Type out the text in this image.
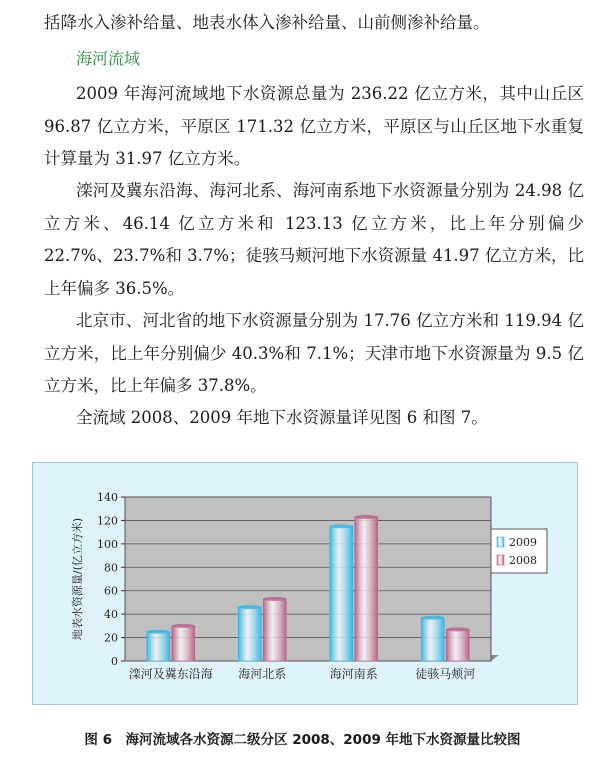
括降水入渗补给量、地表水体入渗补给量、山前侧渗补给量。

海河流域

2009 年海河流域地下水资源总量为 236.22 亿立方米，其中山丘区 96.87 亿立方米，平原区 171.32 亿立方米，平原区与山丘区地下水重复计算量为 31.97 亿立方米。

滦河及冀东沿海、海河北系、海河南系地下水资源量分别为 24.98 亿立方米、46.14 亿立方米和 123.13 亿立方米，比上年分别偏少 22.7%、23.7%和 3.7%；徒骇马颊河地下水资源量 41.97 亿立方米，比上年偏多 36.5%。

北京市、河北省的地下水资源量分别为 17.76 亿立方米和 119.94 亿立方米，比上年分别偏少 40.3%和 7.1%；天津市地下水资源量为 9.5 亿立方米，比上年偏多 37.8%。

全流域 2008、2009 年地下水资源量详见图 6 和图 7。

0
20
40
60
80
100
120
140
地表水资源量/(亿立方米)
滦河及冀东沿海 海河北系	海河南系	徒骇马颊河
2009
2008

图 6　海河流域各水资源二级分区 2008、2009 年地下水资源量比较图
